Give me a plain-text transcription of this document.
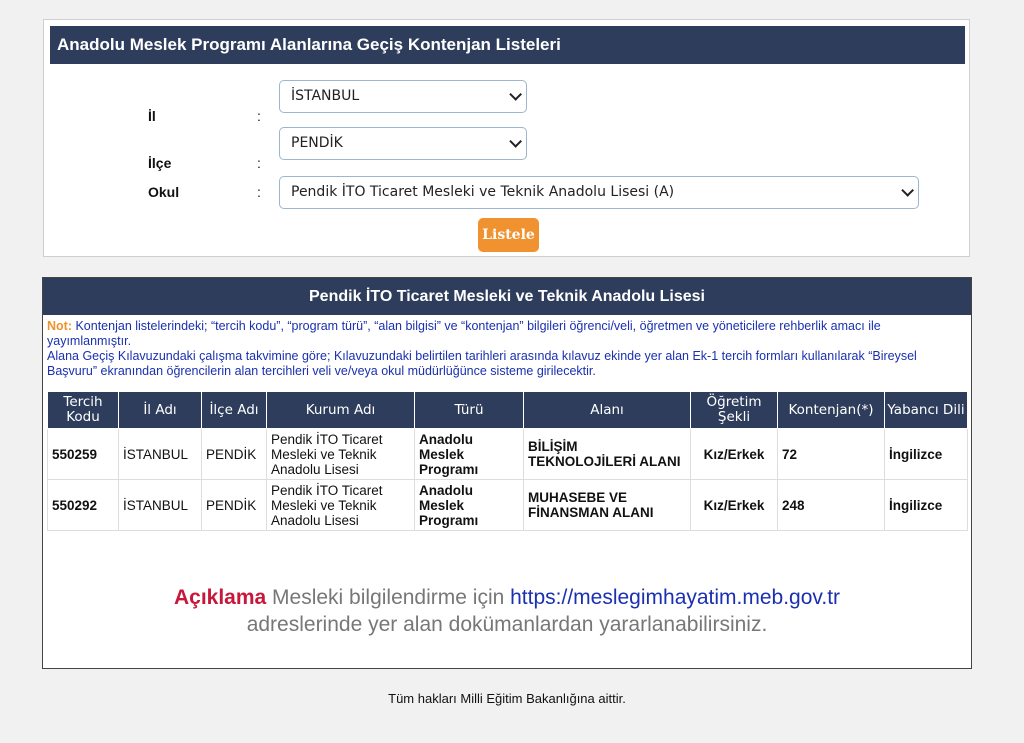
Anadolu Meslek Programı Alanlarına Geçiş Kontenjan Listeleri
İl	:
İSTANBUL
İlçe	:
PENDİK
Okul	:	Pendik İTO Ticaret Mesleki ve Teknik Anadolu Lisesi (A)
Listele
Pendik İTO Ticaret Mesleki ve Teknik Anadolu Lisesi
Not: Kontenjan listelerindeki; “tercih kodu”, “program türü”, “alan bilgisi” ve “kontenjan” bilgileri öğrenci/veli, öğretmen ve yöneticilere rehberlik amacı ile yayımlanmıştır.
Alana Geçiş Kılavuzundaki çalışma takvimine göre; Kılavuzundaki belirtilen tarihleri arasında kılavuz ekinde yer alan Ek-1 tercih formları kullanılarak “Bireysel Başvuru” ekranından öğrencilerin alan tercihleri veli ve/veya okul müdürlüğünce sisteme girilecektir.
Tercih Kodu	İl Adı	İlçe Adı	Kurum Adı	Türü	Alanı	Öğretim Şekli	Kontenjan(*)	Yabancı Dili
550259	İSTANBUL	PENDİK	Pendik İTO Ticaret Mesleki ve Teknik Anadolu Lisesi	Anadolu Meslek Programı	BİLİŞİM TEKNOLOJİLERİ ALANI	Kız/Erkek	72	İngilizce
550292	İSTANBUL	PENDİK	Pendik İTO Ticaret Mesleki ve Teknik Anadolu Lisesi	Anadolu Meslek Programı	MUHASEBE VE FİNANSMAN ALANI	Kız/Erkek	248	İngilizce
Açıklama Mesleki bilgilendirme için https://meslegimhayatim.meb.gov.tr
adreslerinde yer alan dokümanlardan yararlanabilirsiniz.
Tüm hakları Milli Eğitim Bakanlığına aittir.
